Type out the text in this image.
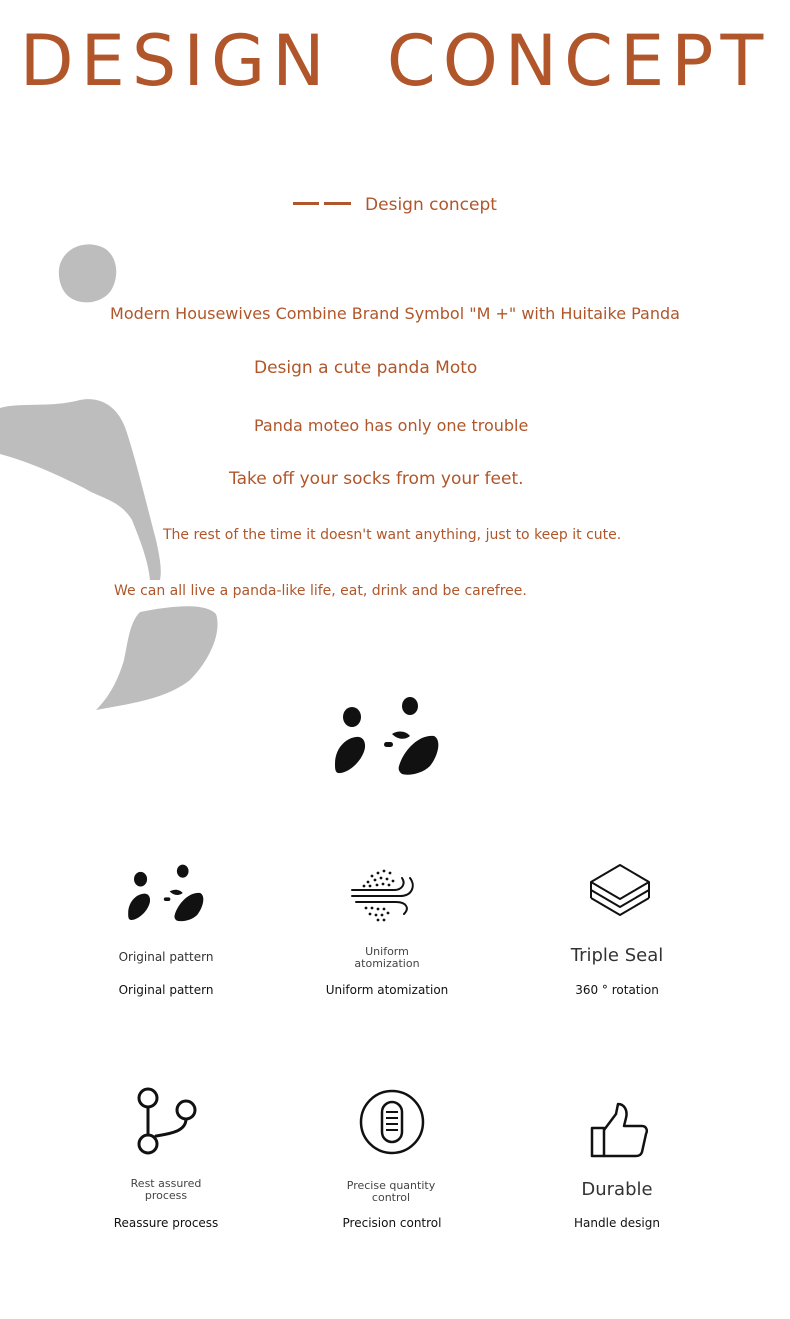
DESIGN CONCEPT
Design concept
Modern Housewives Combine Brand Symbol "M +" with Huitaike Panda
Design a cute panda Moto
Panda moteo has only one trouble
Take off your socks from your feet.
The rest of the time it doesn't want anything, just to keep it cute.
We can all live a panda-like life, eat, drink and be carefree.
Original pattern
Original pattern
Uniform atomization
Uniform atomization
Triple Seal
360 ° rotation
Rest assured process
Reassure process
Precise quantity control
Precision control
Durable
Handle design
